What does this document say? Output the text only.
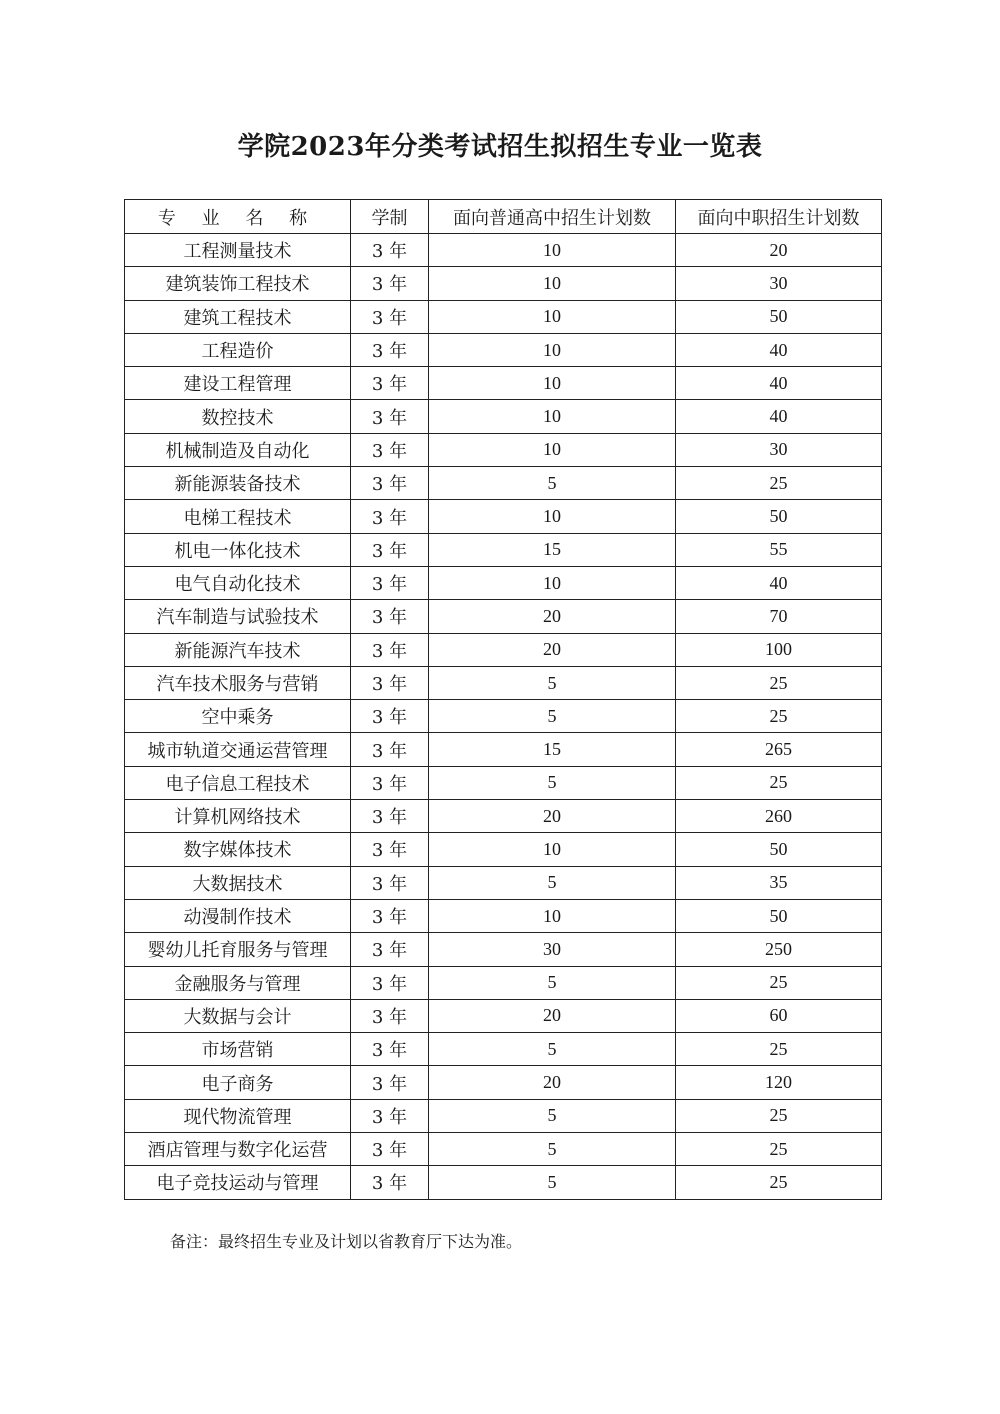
学院2023年分类考试招生拟招生专业一览表
专 业 名 称	学制	面向普通高中招生计划数	面向中职招生计划数
工程测量技术	3 年	10	20
建筑装饰工程技术	3 年	10	30
建筑工程技术	3 年	10	50
工程造价	3 年	10	40
建设工程管理	3 年	10	40
数控技术	3 年	10	40
机械制造及自动化	3 年	10	30
新能源装备技术	3 年	5	25
电梯工程技术	3 年	10	50
机电一体化技术	3 年	15	55
电气自动化技术	3 年	10	40
汽车制造与试验技术	3 年	20	70
新能源汽车技术	3 年	20	100
汽车技术服务与营销	3 年	5	25
空中乘务	3 年	5	25
城市轨道交通运营管理	3 年	15	265
电子信息工程技术	3 年	5	25
计算机网络技术	3 年	20	260
数字媒体技术	3 年	10	50
大数据技术	3 年	5	35
动漫制作技术	3 年	10	50
婴幼儿托育服务与管理	3 年	30	250
金融服务与管理	3 年	5	25
大数据与会计	3 年	20	60
市场营销	3 年	5	25
电子商务	3 年	20	120
现代物流管理	3 年	5	25
酒店管理与数字化运营	3 年	5	25
电子竞技运动与管理	3 年	5	25

备注：最终招生专业及计划以省教育厅下达为准。
